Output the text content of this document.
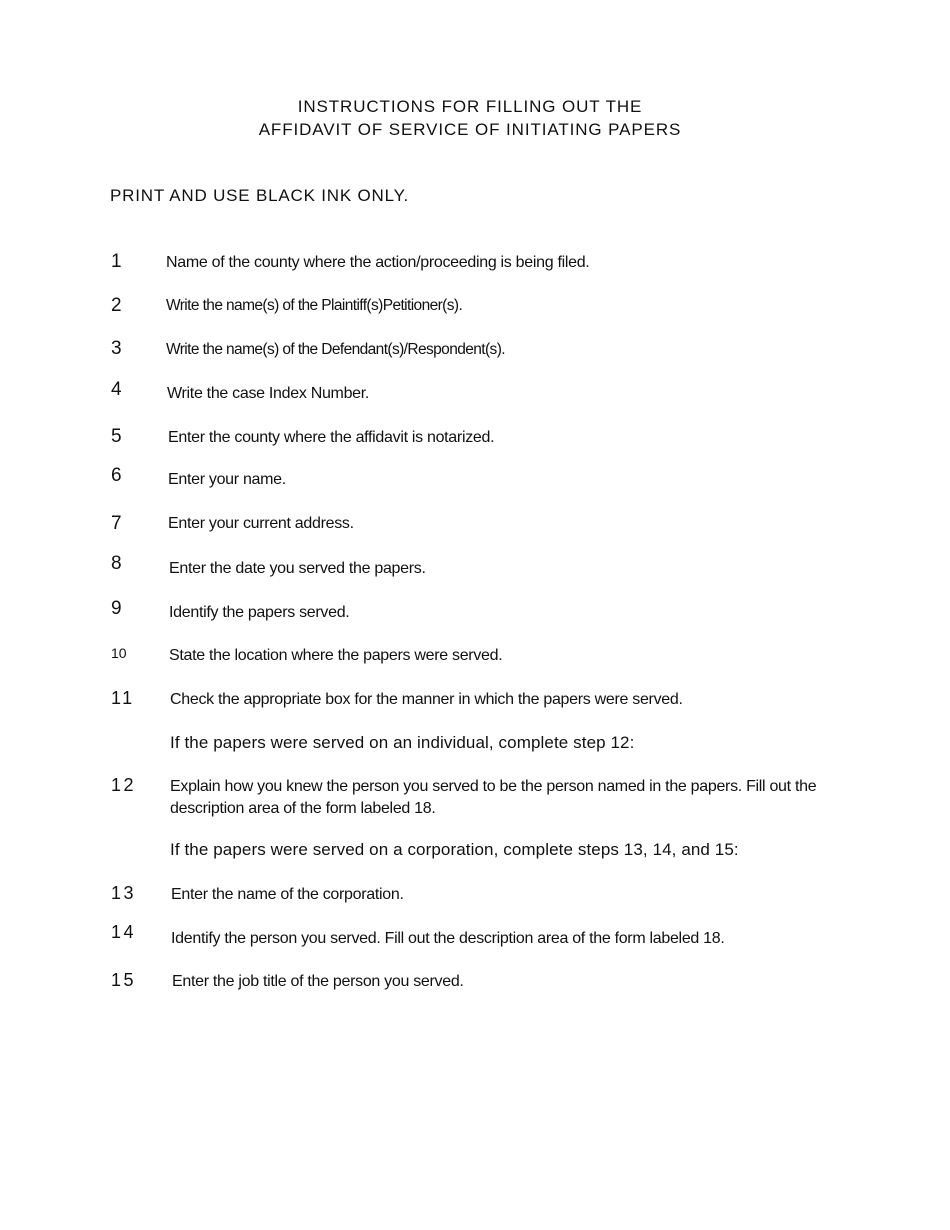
INSTRUCTIONS FOR FILLING OUT THE
AFFIDAVIT OF SERVICE OF INITIATING PAPERS
PRINT AND USE BLACK INK ONLY.
1	Name of the county where the action/proceeding is being filed.
2	Write the name(s) of the Plaintiff(s)Petitioner(s).
3	Write the name(s) of the Defendant(s)/Respondent(s).
4	Write the case Index Number.
5	Enter the county where the affidavit is notarized.
6	Enter your name.
7	Enter your current address.
8	Enter the date you served the papers.
9	Identify the papers served.
10	State the location where the papers were served.
11	Check the appropriate box for the manner in which the papers were served.
If the papers were served on an individual, complete step 12:
12	Explain how you knew the person you served to be the person named in the papers. Fill out the description area of the form labeled 18.
If the papers were served on a corporation, complete steps 13, 14, and 15:
13	Enter the name of the corporation.
14	Identify the person you served. Fill out the description area of the form labeled 18.
15	Enter the job title of the person you served.
